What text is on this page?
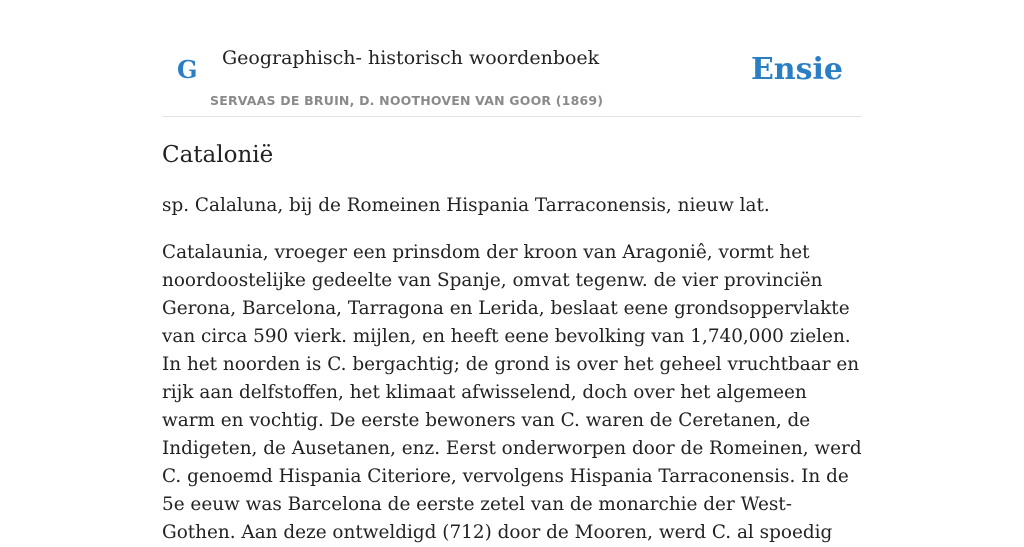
G Geographisch- historisch woordenboek
SERVAAS DE BRUIN, D. NOOTHOVEN VAN GOOR (1869)
Ensie
Catalonië

sp. Calaluna, bij de Romeinen Hispania Tarraconensis, nieuw lat.

Catalaunia, vroeger een prinsdom der kroon van Aragoniê, vormt het noordoostelijke gedeelte van Spanje, omvat tegenw. de vier provinciën Gerona, Barcelona, Tarragona en Lerida, beslaat eene grondsoppervlakte van circa 590 vierk. mijlen, en heeft eene bevolking van 1,740,000 zielen. In het noorden is C. bergachtig; de grond is over het geheel vruchtbaar en rijk aan delfstoffen, het klimaat afwisselend, doch over het algemeen warm en vochtig. De eerste bewoners van C. waren de Ceretanen, de Indigeten, de Ausetanen, enz. Eerst onderworpen door de Romeinen, werd C. genoemd Hispania Citeriore, vervolgens Hispania Tarraconensis. In de 5e eeuw was Barcelona de eerste zetel van de monarchie der West-Gothen. Aan deze ontweldigd (712) door de Mooren, werd C. al spoedig
